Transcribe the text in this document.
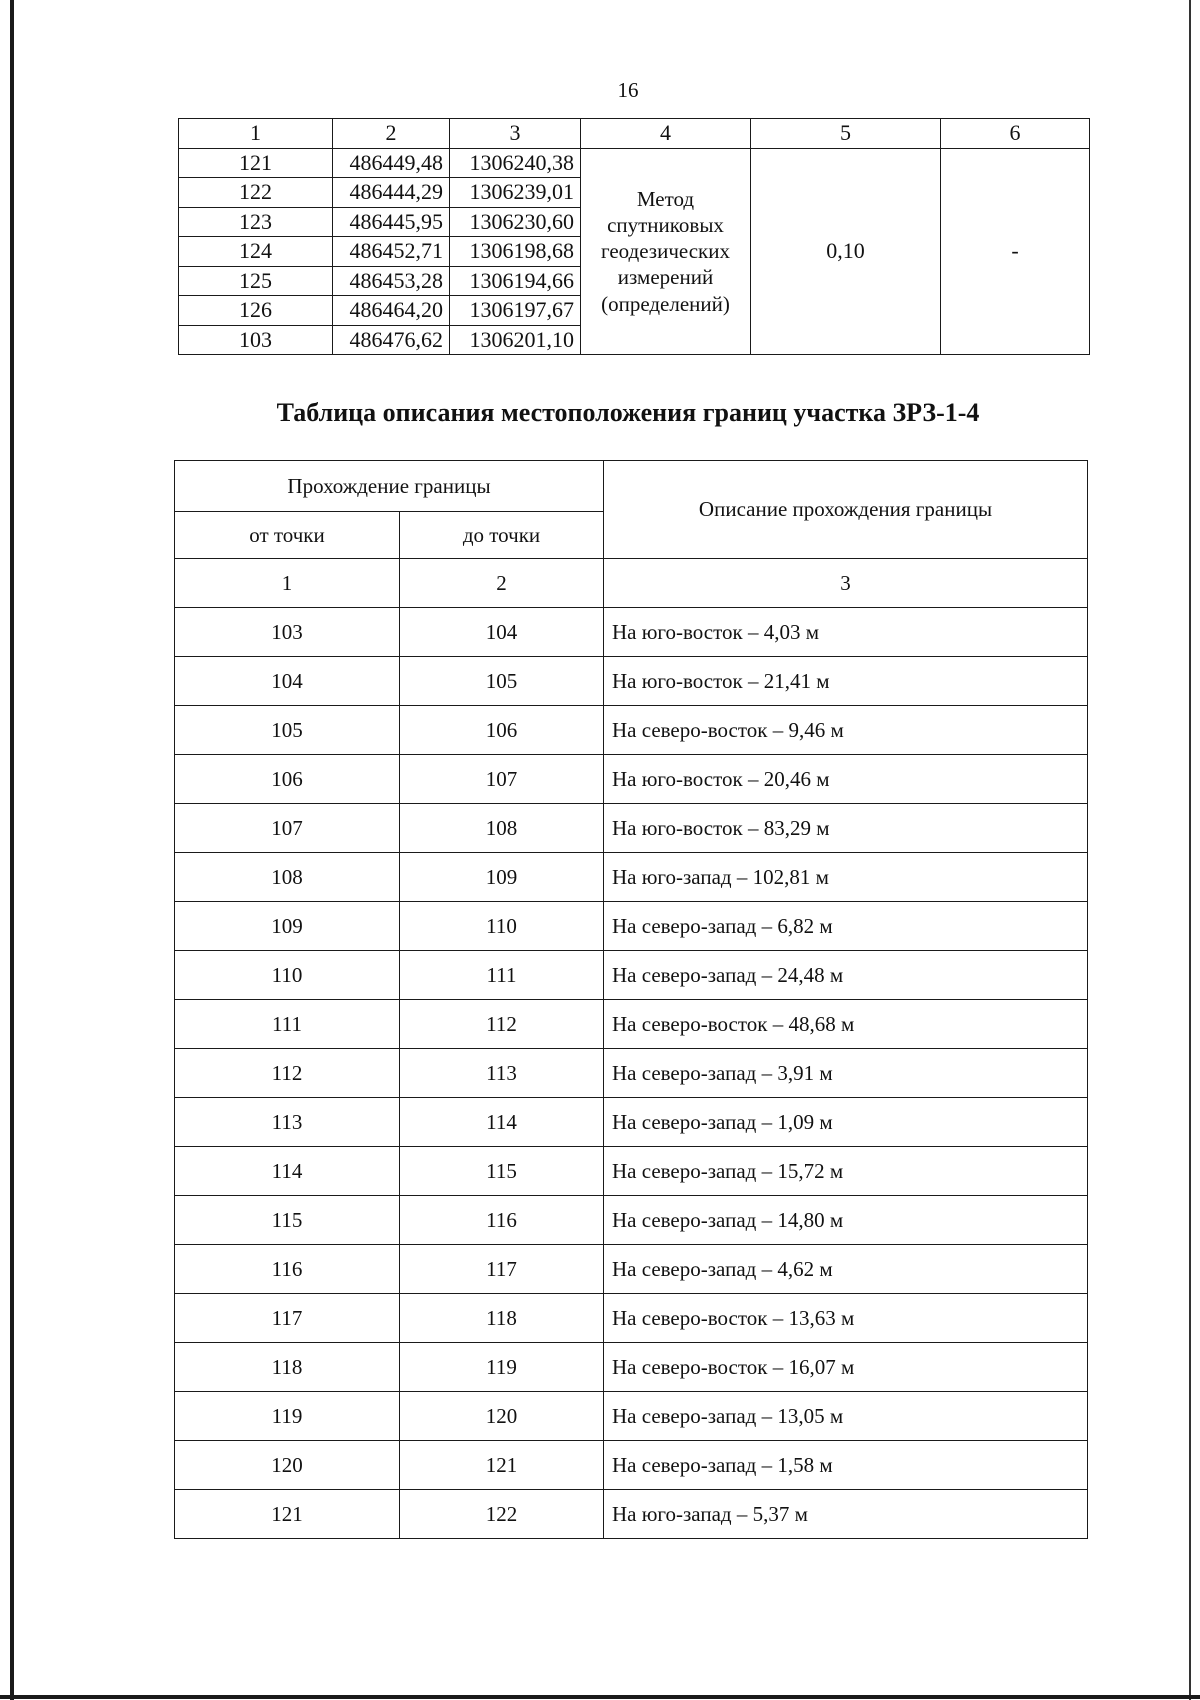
16
1	2	3	4	5	6
121	486449,48	1306240,38	Метод
спутниковых
геодезических
измерений
(определений)	0,10	-
122	486444,29	1306239,01			
123	486445,95	1306230,60			
124	486452,71	1306198,68			
125	486453,28	1306194,66			
126	486464,20	1306197,67			
103	486476,62	1306201,10			
Таблица описания местоположения границ участка ЗРЗ-1-4
Прохождение границы		Описание прохождения границы
от точки	до точки	
1	2	3
103	104	На юго-восток – 4,03 м
104	105	На юго-восток – 21,41 м
105	106	На северо-восток – 9,46 м
106	107	На юго-восток – 20,46 м
107	108	На юго-восток – 83,29 м
108	109	На юго-запад – 102,81 м
109	110	На северо-запад – 6,82 м
110	111	На северо-запад – 24,48 м
111	112	На северо-восток – 48,68 м
112	113	На северо-запад – 3,91 м
113	114	На северо-запад – 1,09 м
114	115	На северо-запад – 15,72 м
115	116	На северо-запад – 14,80 м
116	117	На северо-запад – 4,62 м
117	118	На северо-восток – 13,63 м
118	119	На северо-восток – 16,07 м
119	120	На северо-запад – 13,05 м
120	121	На северо-запад – 1,58 м
121	122	На юго-запад – 5,37 м
